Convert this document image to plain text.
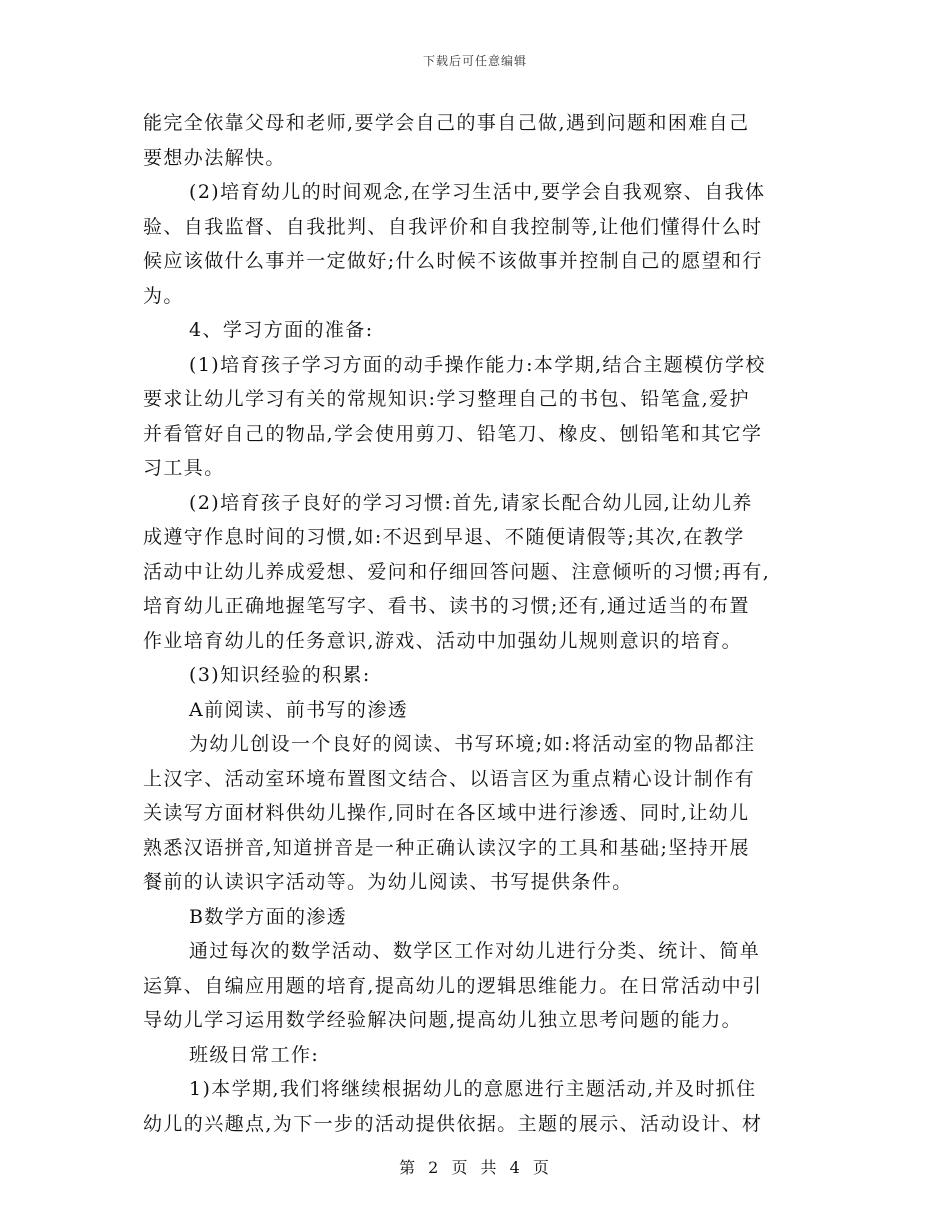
下载后可任意编辑
能完全依靠父母和老师,要学会自己的事自己做,遇到问题和困难自己
要想办法解快。
(2)培育幼儿的时间观念,在学习生活中,要学会自我观察、自我体
验、自我监督、自我批判、自我评价和自我控制等,让他们懂得什么时
候应该做什么事并一定做好;什么时候不该做事并控制自己的愿望和行
为。
4、学习方面的准备:
(1)培育孩子学习方面的动手操作能力:本学期,结合主题模仿学校
要求让幼儿学习有关的常规知识:学习整理自己的书包、铅笔盒,爱护
并看管好自己的物品,学会使用剪刀、铅笔刀、橡皮、刨铅笔和其它学
习工具。
(2)培育孩子良好的学习习惯:首先,请家长配合幼儿园,让幼儿养
成遵守作息时间的习惯,如:不迟到早退、不随便请假等;其次,在教学
活动中让幼儿养成爱想、爱问和仔细回答问题、注意倾听的习惯;再有,
培育幼儿正确地握笔写字、看书、读书的习惯;还有,通过适当的布置
作业培育幼儿的任务意识,游戏、活动中加强幼儿规则意识的培育。
(3)知识经验的积累:
A前阅读、前书写的渗透
为幼儿创设一个良好的阅读、书写环境;如:将活动室的物品都注
上汉字、活动室环境布置图文结合、以语言区为重点精心设计制作有
关读写方面材料供幼儿操作,同时在各区域中进行渗透、同时,让幼儿
熟悉汉语拼音,知道拼音是一种正确认读汉字的工具和基础;坚持开展
餐前的认读识字活动等。为幼儿阅读、书写提供条件。
B数学方面的渗透
通过每次的数学活动、数学区工作对幼儿进行分类、统计、简单
运算、自编应用题的培育,提高幼儿的逻辑思维能力。在日常活动中引
导幼儿学习运用数学经验解决问题,提高幼儿独立思考问题的能力。
班级日常工作:
1)本学期,我们将继续根据幼儿的意愿进行主题活动,并及时抓住
幼儿的兴趣点,为下一步的活动提供依据。主题的展示、活动设计、材
第 2 页 共 4 页
